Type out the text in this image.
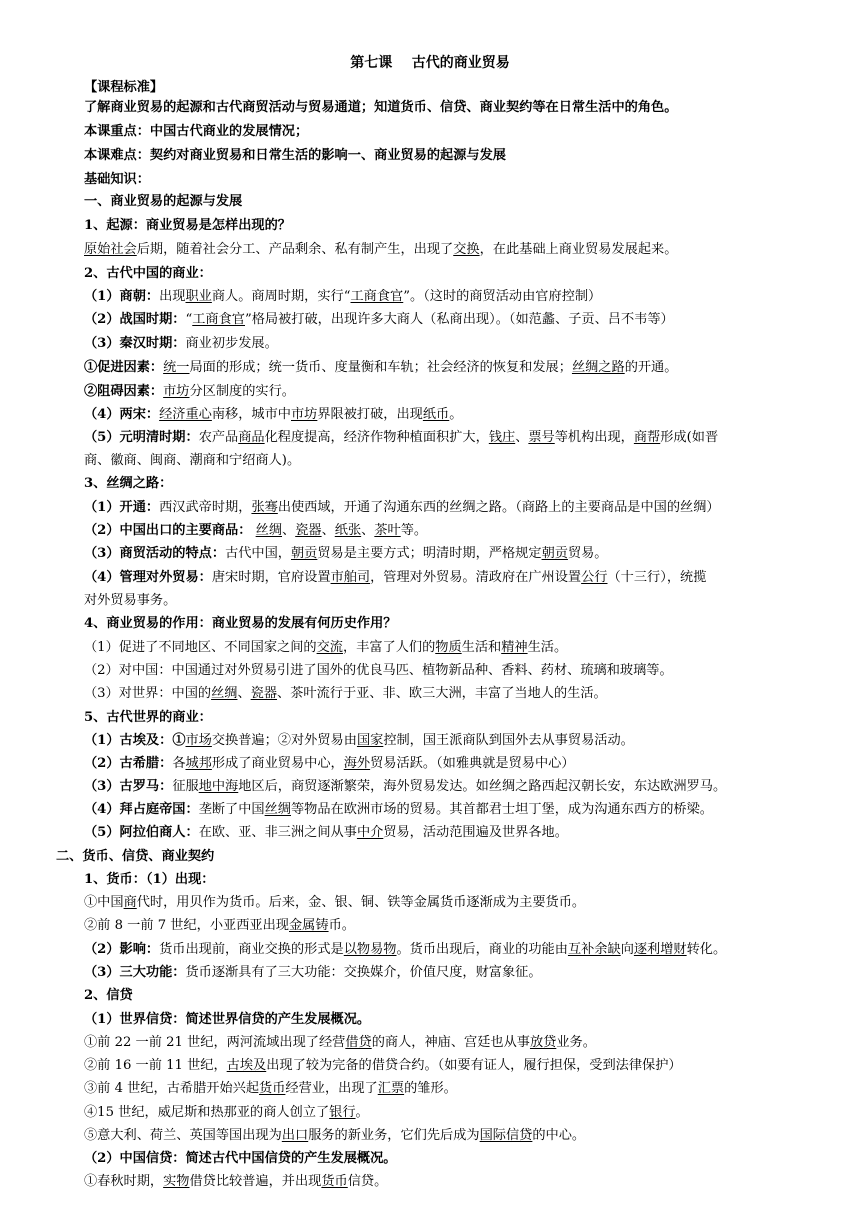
第七课    古代的商业贸易
【课程标准】
了解商业贸易的起源和古代商贸活动与贸易通道；知道货币、信贷、商业契约等在日常生活中的角色。
本课重点：中国古代商业的发展情况；
本课难点：契约对商业贸易和日常生活的影响一、商业贸易的起源与发展
基础知识：
一、商业贸易的起源与发展
1、起源：商业贸易是怎样出现的？
原始社会后期，随着社会分工、产品剩余、私有制产生，出现了交换，在此基础上商业贸易发展起来。
2、古代中国的商业：
（1）商朝：出现职业商人。商周时期，实行“工商食官”。（这时的商贸活动由官府控制）
（2）战国时期：“工商食官”格局被打破，出现许多大商人（私商出现）。（如范蠡、子贡、吕不韦等）
（3）秦汉时期：商业初步发展。
①促进因素：统一局面的形成；统一货币、度量衡和车轨；社会经济的恢复和发展；丝绸之路的开通。
②阻碍因素：市坊分区制度的实行。
（4）两宋：经济重心南移，城市中市坊界限被打破，出现纸币。
（5）元明清时期：农产品商品化程度提高，经济作物种植面积扩大，钱庄、票号等机构出现，商帮形成(如晋
商、徽商、闽商、潮商和宁绍商人)。
3、丝绸之路：
（1）开通：西汉武帝时期，张骞出使西域，开通了沟通东西的丝绸之路。（商路上的主要商品是中国的丝绸）
（2）中国出口的主要商品： 丝绸、瓷器、纸张、茶叶等。
（3）商贸活动的特点：古代中国，朝贡贸易是主要方式；明清时期，严格规定朝贡贸易。
（4）管理对外贸易：唐宋时期，官府设置市舶司，管理对外贸易。清政府在广州设置公行（十三行），统揽
对外贸易事务。
4、商业贸易的作用：商业贸易的发展有何历史作用？
（1）促进了不同地区、不同国家之间的交流，丰富了人们的物质生活和精神生活。
（2）对中国：中国通过对外贸易引进了国外的优良马匹、植物新品种、香料、药材、琉璃和玻璃等。
（3）对世界：中国的丝绸、瓷器、茶叶流行于亚、非、欧三大洲，丰富了当地人的生活。
5、古代世界的商业：
（1）古埃及：①市场交换普遍；②对外贸易由国家控制，国王派商队到国外去从事贸易活动。
（2）古希腊：各城邦形成了商业贸易中心，海外贸易活跃。（如雅典就是贸易中心）
（3）古罗马：征服地中海地区后，商贸逐渐繁荣，海外贸易发达。如丝绸之路西起汉朝长安，东达欧洲罗马。
（4）拜占庭帝国：垄断了中国丝绸等物品在欧洲市场的贸易。其首都君士坦丁堡，成为沟通东西方的桥梁。
（5）阿拉伯商人：在欧、亚、非三洲之间从事中介贸易，活动范围遍及世界各地。
二、货币、信贷、商业契约
1、货币：（1）出现：
①中国商代时，用贝作为货币。后来，金、银、铜、铁等金属货币逐渐成为主要货币。
②前 8 一前 7 世纪，小亚西亚出现金属铸币。
（2）影响：货币出现前，商业交换的形式是以物易物。货币出现后，商业的功能由互补余缺向逐利增财转化。
（3）三大功能：货币逐渐具有了三大功能：交换媒介，价值尺度，财富象征。
2、信贷
（1）世界信贷：简述世界信贷的产生发展概况。
①前 22 一前 21 世纪，两河流域出现了经营借贷的商人，神庙、宫廷也从事放贷业务。
②前 16 一前 11 世纪，古埃及出现了较为完备的借贷合约。（如要有证人，履行担保，受到法律保护）
③前 4 世纪，古希腊开始兴起货币经营业，出现了汇票的雏形。
④15 世纪，威尼斯和热那亚的商人创立了银行。
⑤意大利、荷兰、英国等国出现为出口服务的新业务，它们先后成为国际信贷的中心。
（2）中国信贷：简述古代中国信贷的产生发展概况。
①春秋时期，实物借贷比较普遍，并出现货币信贷。
